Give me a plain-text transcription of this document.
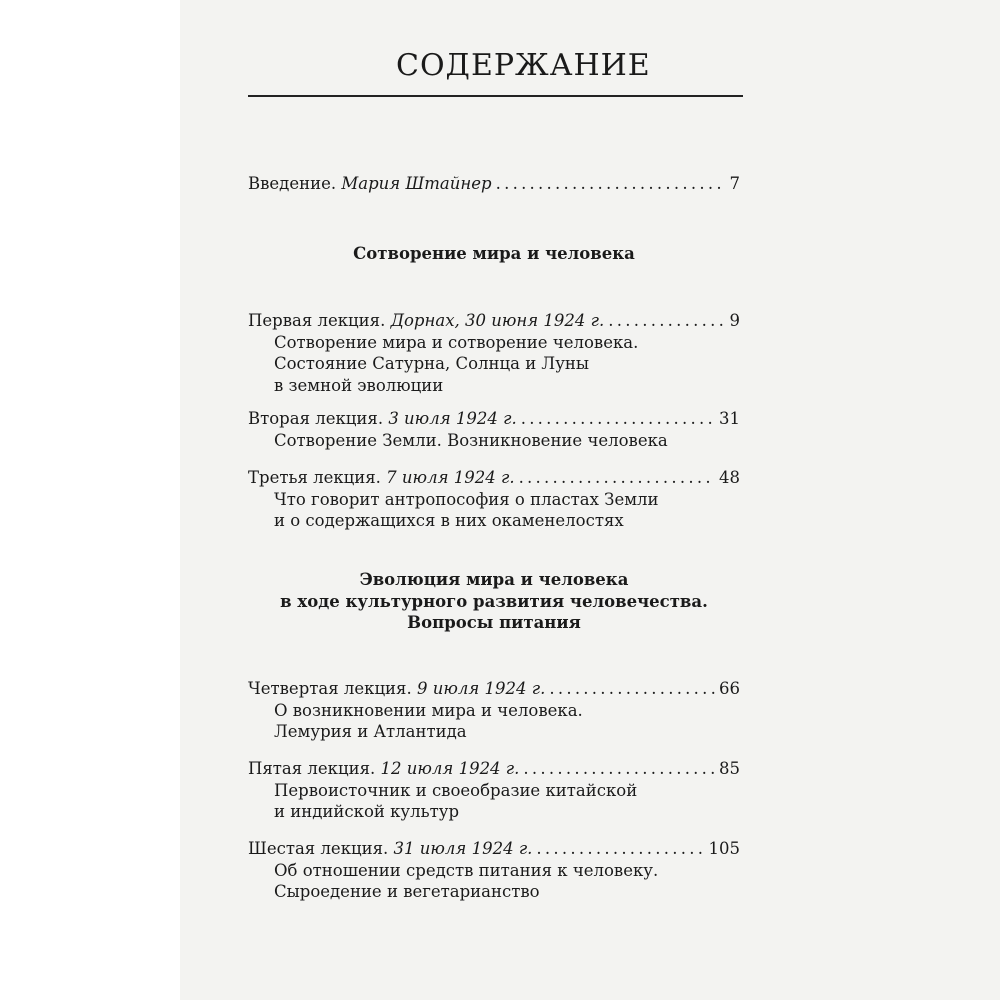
СОДЕРЖАНИЕ
Введение. Мария Штайнер . . .	7
Первая лекция. Дорнах, 30 июня 1924 г. . . .	9
Сотворение мира и сотворение человека.
Состояние Сатурна, Солнца и Луны
в земной эволюции
Вторая лекция. 3 июля 1924 г. . . .	31
Сотворение Земли. Возникновение человека
Третья лекция. 7 июля 1924 г. . . .	48
Что говорит антропософия о пластах Земли
и о содержащихся в них окаменелостях
Четвертая лекция. 9 июля 1924 г. . . .	66
О возникновении мира и человека.
Лемурия и Атлантида
Пятая лекция. 12 июля 1924 г. . . .	85
Первоисточник и своеобразие китайской
и индийской культур
Шестая лекция. 31 июля 1924 г. . . .	105
Об отношении средств питания к человеку.
Сыроедение и вегетарианство
Сотворение мира и человека
Эволюция мира и человека
в ходе культурного развития человечества.
Вопросы питания
